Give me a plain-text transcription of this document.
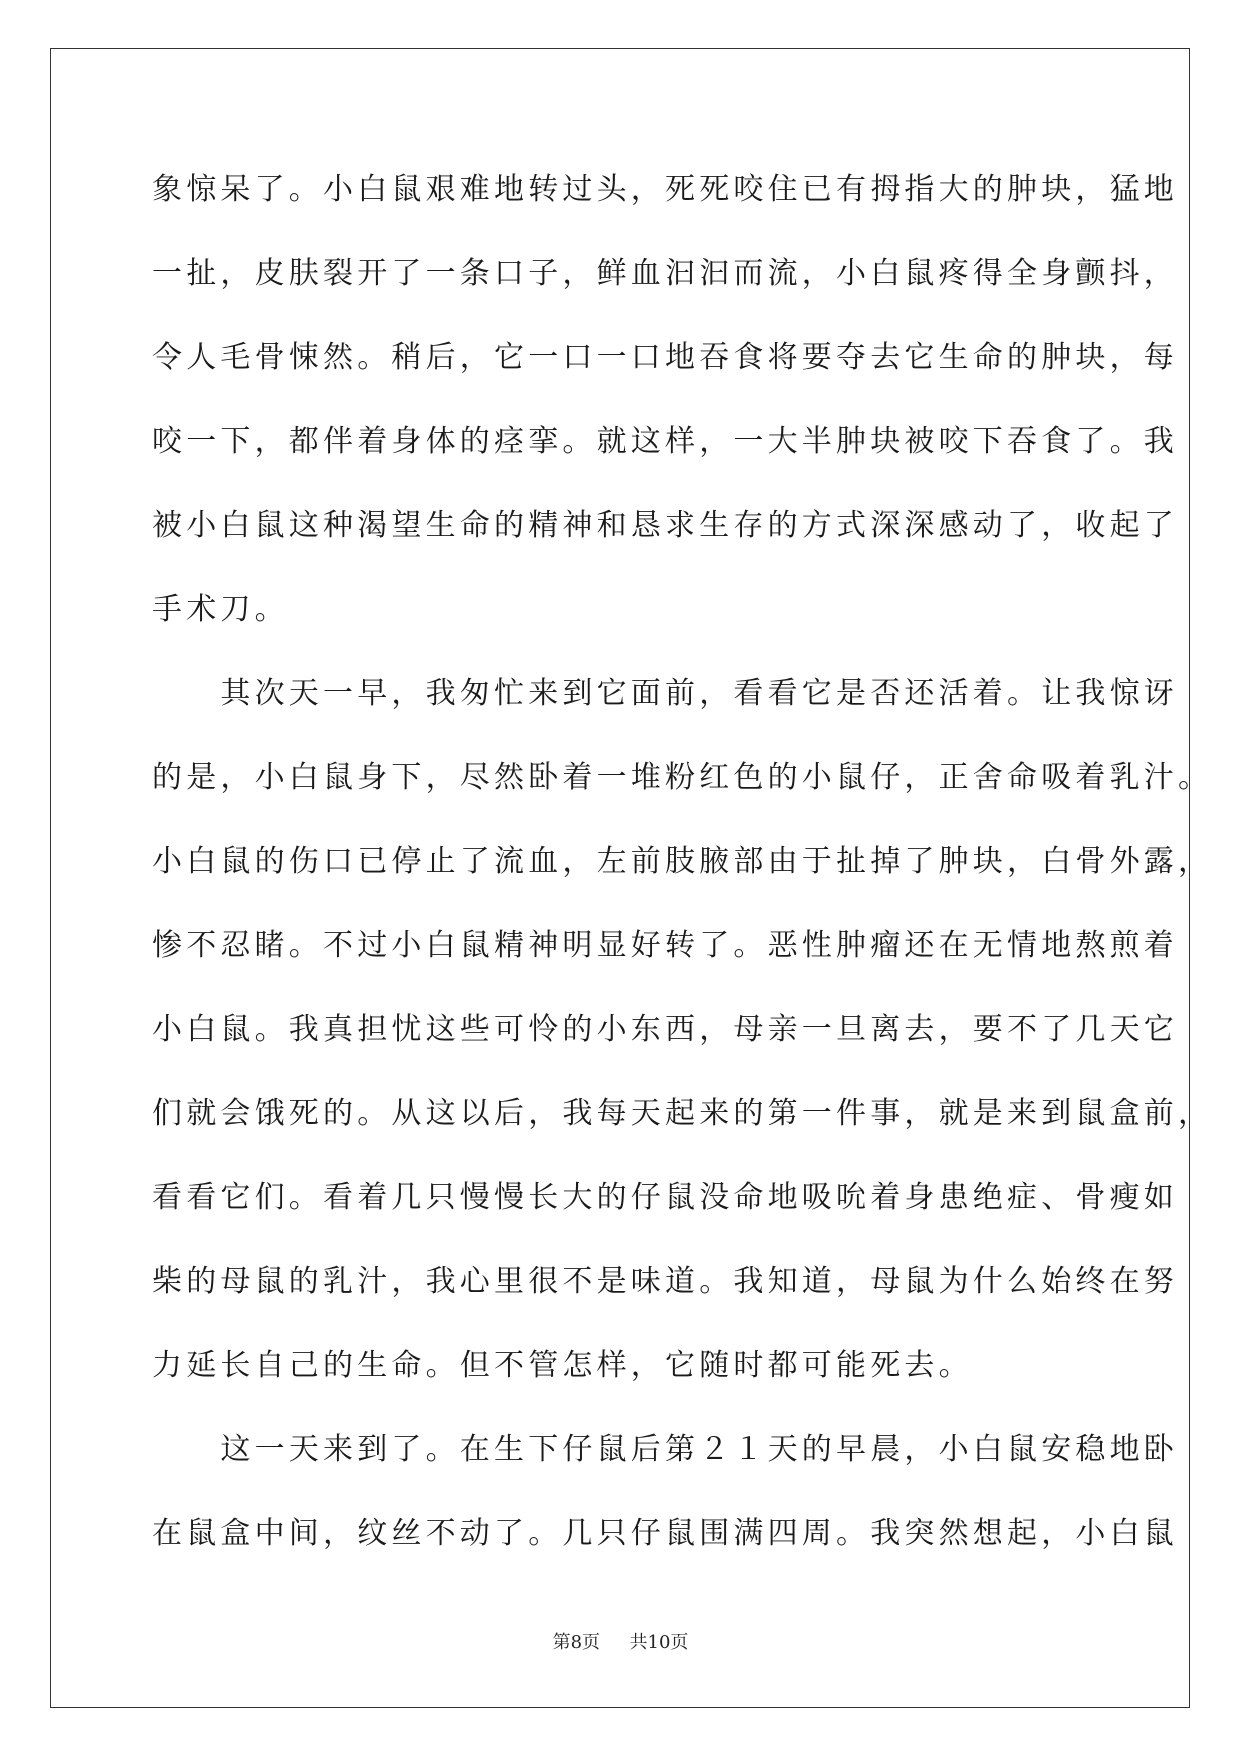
象惊呆了。小白鼠艰难地转过头，死死咬住已有拇指大的肿块，猛地
一扯，皮肤裂开了一条口子，鲜血汩汩而流，小白鼠疼得全身颤抖，
令人毛骨悚然。稍后，它一口一口地吞食将要夺去它生命的肿块，每
咬一下，都伴着身体的痉挛。就这样，一大半肿块被咬下吞食了。我
被小白鼠这种渴望生命的精神和恳求生存的方式深深感动了，收起了
手术刀。
　　其次天一早，我匆忙来到它面前，看看它是否还活着。让我惊讶
的是，小白鼠身下，尽然卧着一堆粉红色的小鼠仔，正舍命吸着乳汁。
小白鼠的伤口已停止了流血，左前肢腋部由于扯掉了肿块，白骨外露，
惨不忍睹。不过小白鼠精神明显好转了。恶性肿瘤还在无情地熬煎着
小白鼠。我真担忧这些可怜的小东西，母亲一旦离去，要不了几天它
们就会饿死的。从这以后，我每天起来的第一件事，就是来到鼠盒前，
看看它们。看着几只慢慢长大的仔鼠没命地吸吮着身患绝症、骨瘦如
柴的母鼠的乳汁，我心里很不是味道。我知道，母鼠为什么始终在努
力延长自己的生命。但不管怎样，它随时都可能死去。
　　这一天来到了。在生下仔鼠后第２１天的早晨，小白鼠安稳地卧
在鼠盒中间，纹丝不动了。几只仔鼠围满四周。我突然想起，小白鼠
第8页 共10页
